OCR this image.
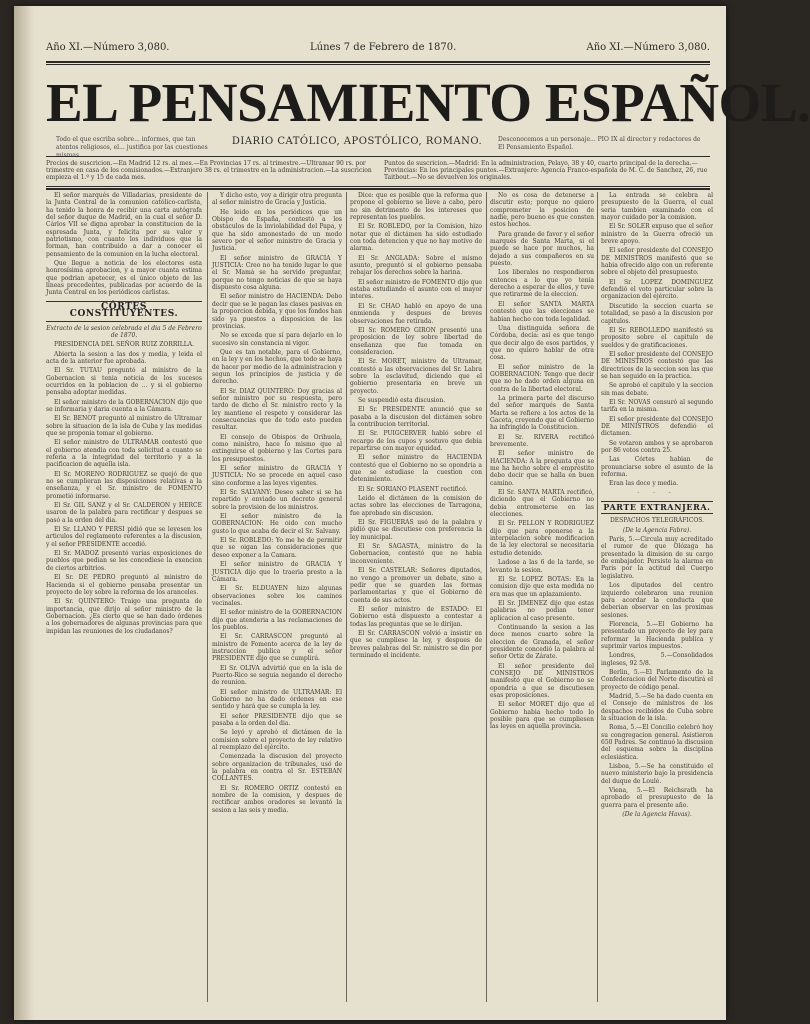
Año XI.—Número 3,080.	Lúnes 7 de Febrero de 1870.	Año XI.—Número 3,080.
EL PENSAMIENTO ESPAÑOL.
Todo el que escriba sobre... informes, que tan atentos religiosos, el... justifica por las cuestiones
DIARIO CATÓLICO, APOSTÓLICO, ROMANO.	Desconocemos a un personaje... PIO IX al director y redactores de El Pensamiento Español.
Precios de suscricion.—En Madrid 12 rs. al mes.—En Provincias 17 rs. al trimestre.—Ultramar 90 rs. por trimestre en casa de los comisionados.—Extranjero 38 rs. el trimestre en la administracion.—La suscricion empieza el 1.º y 15 de cada mes.
Puntos de suscricion.—Madrid: En la administracion, Pelayo, 38 y 40, cuarto principal de la derecha.—Provincias: En los principales puntos.—Extranjero: Agencia Franco-española de M. C. de Sanchez, 26, rue Taitbout.—No se devuelven los originales.

El señor marqués de Villadarias, presidente de la Junta Central de la comunion católico-carlista, ha tenido la honra de recibir una carta autógrafa del señor duque de Madrid, en la cual el señor D. Cárlos VII se digna aprobar la constitucion de la espresada Junta, y felicita por su valor y patriotismo, con cuanto los individuos que la forman, han contribuido a dar a conocer el pensamiento de la comunion en la lucha electoral.

Que llegue a noticia de los electores esta honrosísima aprobacion, y a mayor cuanta estima que podrian apetecer, es el único objeto de las líneas precedentes, publicadas por acuerdo de la Junta Central en los periódicos carlistas.

CÓRTES CONSTITUYENTES.
Extracto de la sesion celebrada el dia 5 de Febrero de 1870.

PRESIDENCIA DEL SEÑOR RUIZ ZORRILLA.

Abierta la sesion a las dos y media, y leida el acta de la anterior fue aprobada.

El Sr. TUTAU preguntó al ministro de la Gobernacion si tenia noticia de los sucesos ocurridos en la poblacion de ... y si el gobierno pensaba adoptar medidas.

El señor ministro de la GOBERNACION dijo que se informaria y daria cuenta a la Cámara.

El Sr. BENOT preguntó al ministro de Ultramar sobre la situacion de la isla de Cuba y las medidas que se proponia tomar el gobierno.

El señor ministro de ULTRAMAR contestó que el gobierno atendia con toda solicitud a cuanto se referia a la integridad del territorio y a la pacificacion de aquella isla.

El Sr. MORENO RODRIGUEZ se quejó de que no se cumplieran las disposiciones relativas a la enseñanza, y el Sr. ministro de FOMENTO prometió informarse.

El Sr. GIL SANZ y el Sr. CALDERON y HERCE usaron de la palabra para rectificar y despues se pasó a la orden del dia.

El Sr. LLANO Y PERSI pidió que se leyesen los articulos del reglamento referentes a la discusion, y el señor PRESIDENTE accedió.

El Sr. MADOZ presentó varias exposiciones de pueblos que pedian se les concediese la exencion de ciertos arbitrios.

El Sr. DE PEDRO preguntó al ministro de Hacienda si el gobierno pensaba presentar un proyecto de ley sobre la reforma de los aranceles.

El Sr. QUINTERO: Traigo una pregunta de importancia, que dirijo al señor ministro de la Gobernacion. ¿Es cierto que se han dado órdenes a los gobernadores de algunas provincias para que impidan las reuniones de los ciudadanos?

Y dicho esto, voy a dirigir otra pregunta al señor ministro de Gracia y Justicia.

He leido en los periódicos que un Obispo de España, contestó a los obstáculos de la inviolabilidad del Papa, y que ha sido amonestado de un modo severo por el señor ministro de Gracia y Justicia.

El señor ministro de GRACIA Y JUSTICIA: Creo no ha tenido lugar lo que el Sr. Mamá se ha servido preguntar, porque no tengo noticias de que se haya dispuesto cosa alguna.

El señor ministro de HACIENDA: Debo decir que se le pagan las clases pasivas en la proporcion debida, y que los fondos han sido ya puestos a disposicion de las provincias.

No se exceda que sí para dejarlo en lo sucesivo sin constancia ni vigor.

Que es tan notable, para el Gobierno, en la ley y en los hechos, que todo se haya de hacer por medio de la administracion y segun los principios de justicia y de derecho.

El Sr. DIAZ QUINTERO: Doy gracias al señor ministro por su respuesta, pero tardo de dicho el Sr. ministro recto y la ley mantiene el respeto y considerar las consecuencias que de todo esto pueden resultar.

El consejo de Obispos de Orihuela, como ministro, hace lo mismo que al extinguirse el gobierno y las Cortes para los presupuestos.

El señor ministro de GRACIA Y JUSTICIA: No se procede en aquel caso sino conforme a las leyes vigentes.

El Sr. SALVANY: Deseo saber si se ha repartido y enviado un decreto general sobre la provision de los ministros.

El señor ministro de la GOBERNACION: He oido con mucho gusto lo que acaba de decir el Sr. Salvany.

El Sr. ROBLEDO: Yo me he de permitir que se oigan las consideraciones que deseo exponer a la Camara.

El señor ministro de GRACIA Y JUSTICIA dijo que lo traeria presto a la Cámara.

El Sr. ELDUAYEN hizo algunas observaciones sobre los caminos vecinales.

El señor ministro de la GOBERNACION dijo que atenderia a las reclamaciones de los pueblos.

El Sr. CARRASCON preguntó al ministro de Fomento acerca de la ley de instruccion publica y el señor PRESIDENTE dijo que se cumplirá.

El Sr. OLIVA advirtió que en la isla de Puerto-Rico se seguia negando el derecho de reunion.

El señor ministro de ULTRAMAR: El Gobierno no ha dado órdenes en ese sentido y hará que se cumpla la ley.

El señor PRESIDENTE dijo que se pasaba a la orden del dia.

Se leyó y aprobó el dictámen de la comision sobre el proyecto de ley relativo al reemplazo del ejército.

Comenzada la discusion del proyecto sobre organizacion de tribunales, usó de la palabra en contra el Sr. ESTEBAN COLLANTES.

El Sr. ROMERO ORTIZ contestó en nombre de la comision, y despues de rectificar ambos oradores se levantó la sesion a las seis y media.

Dice: que es posible que la reforma que propone el gobierno se lleve a cabo, pero no sin detrimento de los intereses que representan los pueblos.

El Sr. ROBLEDO, por la Comision, hizo notar que el dictámen ha sido estudiado con toda detencion y que no hay motivo de alarma.

El Sr. ANGLADA: Sobre el mismo asunto, preguntó si el gobierno pensaba rebajar los derechos sobre la harina.

El señor ministro de FOMENTO dijo que estaba estudiando el asunto con el mayor interes.

El Sr. CHAO habló en apoyo de una enmienda y despues de breves observaciones fue retirada.

El Sr. ROMERO GIRON presentó una proposicion de ley sobre libertad de enseñanza que fue tomada en consideracion.

El Sr. MORET, ministro de Ultramar, contestó a las observaciones del Sr. Labra sobre la esclavitud, diciendo que el gobierno presentaria en breve un proyecto.

Se suspendió esta discusion.

El Sr. PRESIDENTE anunció que se pasaba a la discusion del dictámen sobre la contribucion territorial.

El Sr. PUIGCERVER habló sobre el recargo de los cupos y sostuvo que debia repartirse con mayor equidad.

El señor ministro de HACIENDA contestó que el Gobierno no se opondria a que se estudiase la cuestion con detenimiento.

El Sr. SORIANO PLASENT rectificó.

Leido el dictámen de la comision de actas sobre las elecciones de Tarragona, fue aprobado sin discusion.

El Sr. FIGUERAS usó de la palabra y pidió que se discutiese con preferencia la ley municipal.

El Sr. SAGASTA, ministro de la Gobernacion, contestó que no habia inconveniente.

El Sr. CASTELAR: Señores diputados, no vengo a promover un debate, sino a pedir que se guarden las formas parlamentarias y que el Gobierno dé cuenta de sus actos.

El señor ministro de ESTADO: El Gobierno está dispuesto a contestar a todas las preguntas que se le dirijan.

El Sr. CARRASCON volvió a insistir en que se cumpliese la ley, y despues de breves palabras del Sr. ministro se dio por terminado el incidente.

No es cosa de detenerse a discutir esto; porque no quiero comprometer la posicion de nadie, pero bueno es que consten estos hechos.

Para grande de favor y el señor marqués de Santa Marta, si el puede se hace por muchos, ha dejado a sus compañeros en su puesto.

Los liberales no respondieron entonces a lo que yo tenia derecho a esperar de ellos, y tuve que retirarme de la eleccion.

El señor SANTA MARTA contestó que las elecciones se habian hecho con toda legalidad.

Una distinguida señora de Córdoba, decía: así es que tengo que decir algo de esos partidos, y que no quiero hablar de otra cosa.

El señor ministro de la GOBERNACION: Tengo que decir que no he dado orden alguna en contra de la libertad electoral.

La primera parte del discurso del señor marqués de Santa Marta se refiere a los actos de la Gaceta, creyendo que el Gobierno ha infringido la Constitucion.

El Sr. RIVERA rectificó brevemente.

El señor ministro de HACIENDA: A la pregunta que se me ha hecho sobre el empréstito debo decir que se halla en buen camino.

El Sr. SANTA MARTA rectificó, diciendo que el Gobierno no debia entrometerse en las elecciones.

El Sr. PELLON Y RODRIGUEZ dijo que para oponerse a la interpelacion sobre modificacion de la ley electoral se necesitaria estudio detenido.

Ladose a las 6 de la tarde, se levanto la sesion.

El Sr. LOPEZ BOTAS: En la comision dijo que esta medida no era mas que un aplazamiento.

El Sr. JIMENEZ dijo que estas palabras no podian tener aplicacion al caso presente.

Continuando la sesion a las doce menos cuarto sobre la eleccion de Granada, el señor presidente concedió la palabra al señor Ortiz de Zárate.

El señor presidente del CONSEJO DE MINISTROS manifestó que el Gobierno no se opondria a que se discutiesen esas proposiciones.

El señor MORET dijo que el Gobierno habia hecho todo lo posible para que se cumpliesen las leyes en aquella provincia.

La entrada se celebra al presupuesto de la Guerra, el cual seria tambien examinado con el mayor cuidado por la comision.

El Sr. SOLER expuso que el señor ministro de la Guerra ofreció un breve apoyo.

El señor presidente del CONSEJO DE MINISTROS manifestó que se habia ofrecido algo con un referente sobre el objeto del presupuesto.

El Sr. LOPEZ DOMINGUEZ defendió el voto particular sobre la organizacion del ejército.

Discutido la seccion cuarta se totalidad, se pasó a la discusion por capitulos.

El Sr. REBOLLEDO manifestó su proposito sobre el capitulo de sueldos y de gratificaciones.

El señor presidente del CONSEJO DE MINISTROS contestó que las directrices de la seccion son las que se han seguido en la practica.

Se aprobó el capitulo y la seccion sin mas debate.

El Sr. NOVAS censuró al segundo tarifa en la misma.

El señor presidente del CONSEJO DE MINISTROS defendió el dictamen.

Se votaron ambos y se aprobaron por 86 votos contra 25.

Las Córtes habian de pronunciarse sobre el asunto de la reforma.

Eran las doce y media.

· · ·
PARTE EXTRANJERA.
DESPACHOS TELEGRÁFICOS.
(De la Agencia Fabra).

París, 5.—Circula muy acreditado el rumor de que Olózaga ha presentado la dimision de su cargo de embajador. Persiste la alarma en Paris por la actitud del Cuerpo legislativo.

Los diputados del centro izquierdo celebraron una reunion para acordar la conducta que deberian observar en las proximas sesiones.

Florencia, 5.—El Gobierno ha presentado un proyecto de ley para reformar la Hacienda publica y suprimir varios impuestos.

Londres, 5.—Consolidados ingleses, 92 5/8.

Berlin, 5.—El Parlamento de la Confederacion del Norte discutirá el proyecto de código penal.

Madrid, 5.—Se ha dado cuenta en el Consejo de ministros de los despachos recibidos de Cuba sobre la situacion de la isla.

Roma, 5.—El Concilio celebró hoy su congregacion general. Asistieron 650 Padres. Se continuó la discusion del esquema sobre la disciplina eclesiástica.

Lisboa, 5.—Se ha constituido el nuevo ministerio bajo la presidencia del duque de Loulé.

Viena, 5.—El Reichsrath ha aprobado el presupuesto de la guerra para el presente año.

(De la Agencia Havas).
